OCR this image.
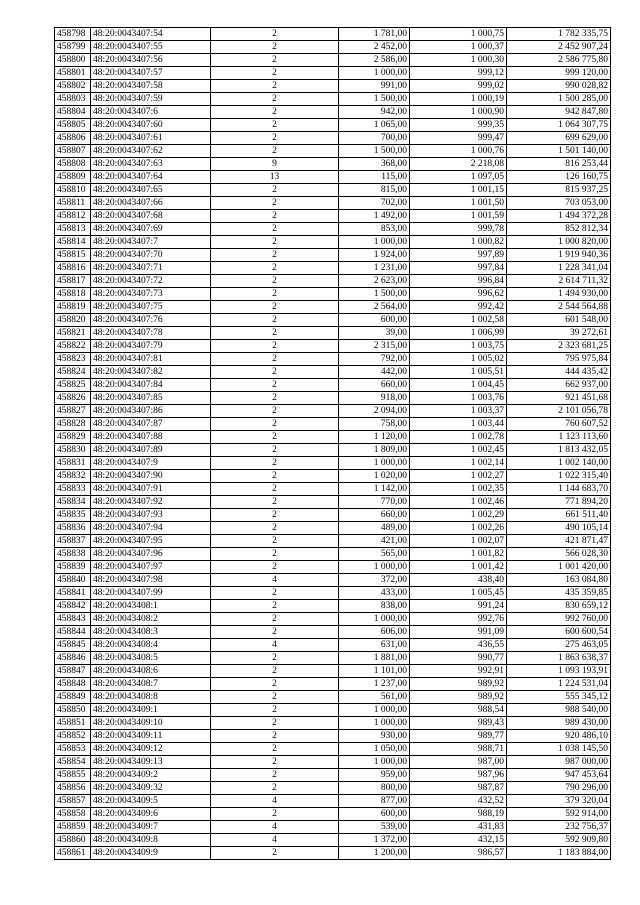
458798	48:20:0043407:54	2	1 781,00	1 000,75	1 782 335,75
458799	48:20:0043407:55	2	2 452,00	1 000,37	2 452 907,24
458800	48:20:0043407:56	2	2 586,00	1 000,30	2 586 775,80
458801	48:20:0043407:57	2	1 000,00	999,12	999 120,00
458802	48:20:0043407:58	2	991,00	999,02	990 028,82
458803	48:20:0043407:59	2	1 500,00	1 000,19	1 500 285,00
458804	48:20:0043407:6	2	942,00	1 000,90	942 847,80
458805	48:20:0043407:60	2	1 065,00	999,35	1 064 307,75
458806	48:20:0043407:61	2	700,00	999,47	699 629,00
458807	48:20:0043407:62	2	1 500,00	1 000,76	1 501 140,00
458808	48:20:0043407:63	9	368,00	2 218,08	816 253,44
458809	48:20:0043407:64	13	115,00	1 097,05	126 160,75
458810	48:20:0043407:65	2	815,00	1 001,15	815 937,25
458811	48:20:0043407:66	2	702,00	1 001,50	703 053,00
458812	48:20:0043407:68	2	1 492,00	1 001,59	1 494 372,28
458813	48:20:0043407:69	2	853,00	999,78	852 812,34
458814	48:20:0043407:7	2	1 000,00	1 000,82	1 000 820,00
458815	48:20:0043407:70	2	1 924,00	997,89	1 919 940,36
458816	48:20:0043407:71	2	1 231,00	997,84	1 228 341,04
458817	48:20:0043407:72	2	2 623,00	996,84	2 614 711,32
458818	48:20:0043407:73	2	1 500,00	996,62	1 494 930,00
458819	48:20:0043407:75	2	2 564,00	992,42	2 544 564,88
458820	48:20:0043407:76	2	600,00	1 002,58	601 548,00
458821	48:20:0043407:78	2	39,00	1 006,99	39 272,61
458822	48:20:0043407:79	2	2 315,00	1 003,75	2 323 681,25
458823	48:20:0043407:81	2	792,00	1 005,02	795 975,84
458824	48:20:0043407:82	2	442,00	1 005,51	444 435,42
458825	48:20:0043407:84	2	660,00	1 004,45	662 937,00
458826	48:20:0043407:85	2	918,00	1 003,76	921 451,68
458827	48:20:0043407:86	2	2 094,00	1 003,37	2 101 056,78
458828	48:20:0043407:87	2	758,00	1 003,44	760 607,52
458829	48:20:0043407:88	2	1 120,00	1 002,78	1 123 113,60
458830	48:20:0043407:89	2	1 809,00	1 002,45	1 813 432,05
458831	48:20:0043407:9	2	1 000,00	1 002,14	1 002 140,00
458832	48:20:0043407:90	2	1 020,00	1 002,27	1 022 315,40
458833	48:20:0043407:91	2	1 142,00	1 002,35	1 144 683,70
458834	48:20:0043407:92	2	770,00	1 002,46	771 894,20
458835	48:20:0043407:93	2	660,00	1 002,29	661 511,40
458836	48:20:0043407:94	2	489,00	1 002,26	490 105,14
458837	48:20:0043407:95	2	421,00	1 002,07	421 871,47
458838	48:20:0043407:96	2	565,00	1 001,82	566 028,30
458839	48:20:0043407:97	2	1 000,00	1 001,42	1 001 420,00
458840	48:20:0043407:98	4	372,00	438,40	163 084,80
458841	48:20:0043407:99	2	433,00	1 005,45	435 359,85
458842	48:20:0043408:1	2	838,00	991,24	830 659,12
458843	48:20:0043408:2	2	1 000,00	992,76	992 760,00
458844	48:20:0043408:3	2	606,00	991,09	600 600,54
458845	48:20:0043408:4	4	631,00	436,55	275 463,05
458846	48:20:0043408:5	2	1 881,00	990,77	1 863 638,37
458847	48:20:0043408:6	2	1 101,00	992,91	1 093 193,91
458848	48:20:0043408:7	2	1 237,00	989,92	1 224 531,04
458849	48:20:0043408:8	2	561,00	989,92	555 345,12
458850	48:20:0043409:1	2	1 000,00	988,54	988 540,00
458851	48:20:0043409:10	2	1 000,00	989,43	989 430,00
458852	48:20:0043409:11	2	930,00	989,77	920 486,10
458853	48:20:0043409:12	2	1 050,00	988,71	1 038 145,50
458854	48:20:0043409:13	2	1 000,00	987,00	987 000,00
458855	48:20:0043409:2	2	959,00	987,96	947 453,64
458856	48:20:0043409:32	2	800,00	987,87	790 296,00
458857	48:20:0043409:5	4	877,00	432,52	379 320,04
458858	48:20:0043409:6	2	600,00	988,19	592 914,00
458859	48:20:0043409:7	4	539,00	431,83	232 756,37
458860	48:20:0043409:8	4	1 372,00	432,15	592 909,80
458861	48:20:0043409:9	2	1 200,00	986,57	1 183 884,00
